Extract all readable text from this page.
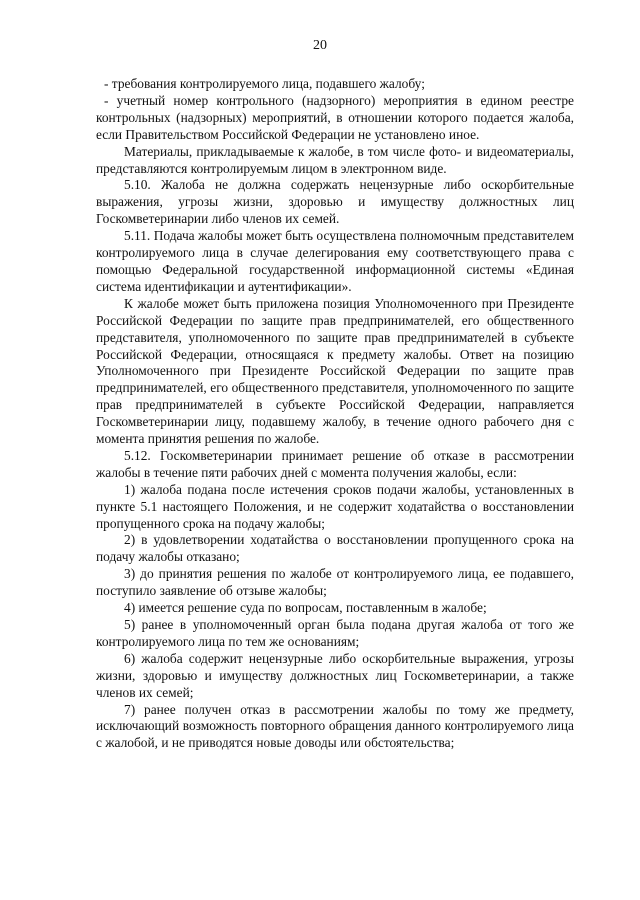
20

- требования контролируемого лица, подавшего жалобу;

- учетный номер контрольного (надзорного) мероприятия в едином реестре контрольных (надзорных) мероприятий, в отношении которого подается жалоба, если Правительством Российской Федерации не установлено иное.

Материалы, прикладываемые к жалобе, в том числе фото- и видеоматериалы, представляются контролируемым лицом в электронном виде.

5.10. Жалоба не должна содержать нецензурные либо оскорбительные выражения, угрозы жизни, здоровью и имуществу должностных лиц Госкомветеринарии либо членов их семей.

5.11. Подача жалобы может быть осуществлена полномочным представителем контролируемого лица в случае делегирования ему соответствующего права с помощью Федеральной государственной информационной системы «Единая система идентификации и аутентификации».

К жалобе может быть приложена позиция Уполномоченного при Президенте Российской Федерации по защите прав предпринимателей, его общественного представителя, уполномоченного по защите прав предпринимателей в субъекте Российской Федерации, относящаяся к предмету жалобы. Ответ на позицию Уполномоченного при Президенте Российской Федерации по защите прав предпринимателей, его общественного представителя, уполномоченного по защите прав предпринимателей в субъекте Российской Федерации, направляется Госкомветеринарии лицу, подавшему жалобу, в течение одного рабочего дня с момента принятия решения по жалобе.

5.12. Госкомветеринарии принимает решение об отказе в рассмотрении жалобы в течение пяти рабочих дней с момента получения жалобы, если:

1) жалоба подана после истечения сроков подачи жалобы, установленных в пункте 5.1 настоящего Положения, и не содержит ходатайства о восстановлении пропущенного срока на подачу жалобы;

2) в удовлетворении ходатайства о восстановлении пропущенного срока на подачу жалобы отказано;

3) до принятия решения по жалобе от контролируемого лица, ее подавшего, поступило заявление об отзыве жалобы;

4) имеется решение суда по вопросам, поставленным в жалобе;

5) ранее в уполномоченный орган была подана другая жалоба от того же контролируемого лица по тем же основаниям;

6) жалоба содержит нецензурные либо оскорбительные выражения, угрозы жизни, здоровью и имуществу должностных лиц Госкомветеринарии, а также членов их семей;

7) ранее получен отказ в рассмотрении жалобы по тому же предмету, исключающий возможность повторного обращения данного контролируемого лица с жалобой, и не приводятся новые доводы или обстоятельства;
